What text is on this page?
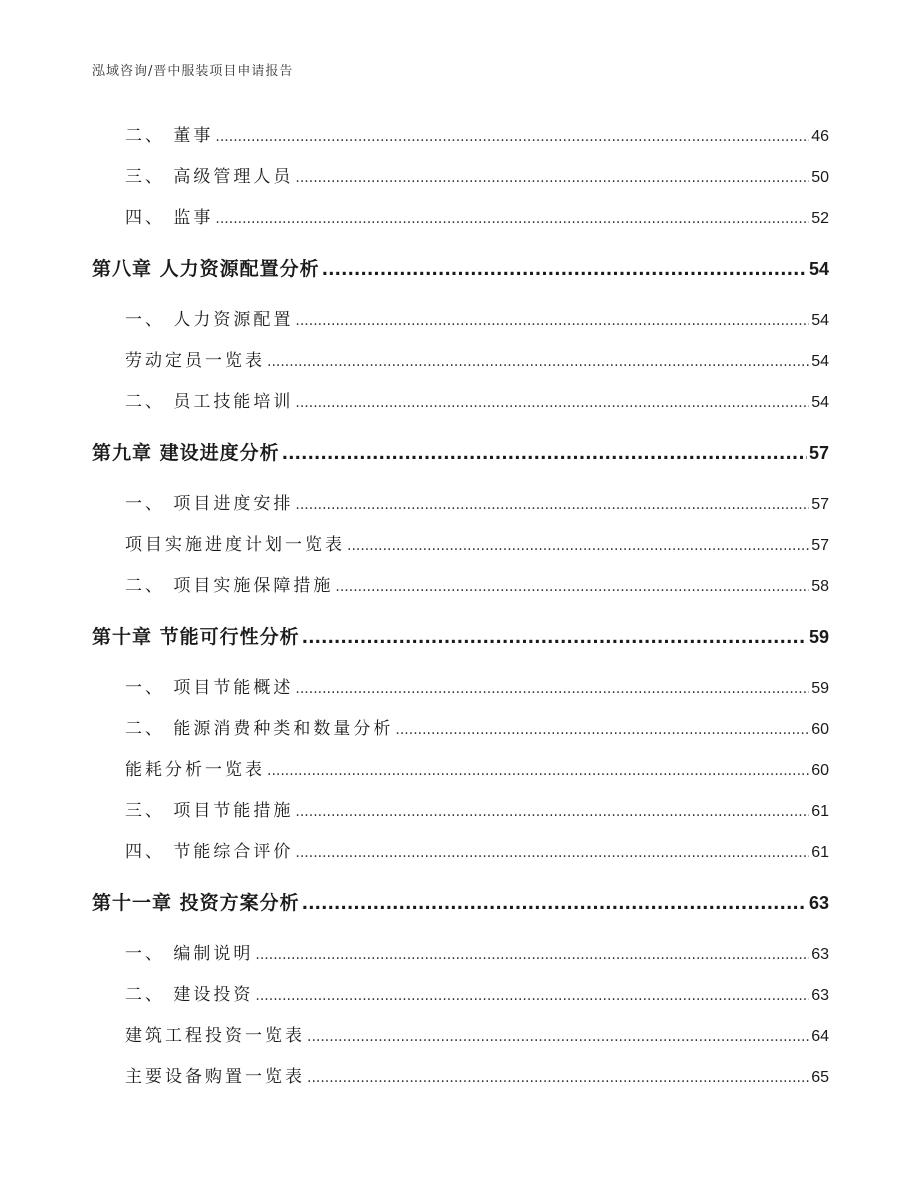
泓域咨询/晋中服装项目申请报告
二、 董事 .....	46
三、 高级管理人员 .....	50
四、 监事 .....	52
第八章 人力资源配置分析 .....	54
一、 人力资源配置 .....	54
劳动定员一览表 .....	54
二、 员工技能培训 .....	54
第九章 建设进度分析 .....	57
一、 项目进度安排 .....	57
项目实施进度计划一览表 .....	57
二、 项目实施保障措施 .....	58
第十章 节能可行性分析 .....	59
一、 项目节能概述 .....	59
二、 能源消费种类和数量分析 .....	60
能耗分析一览表 .....	60
三、 项目节能措施 .....	61
四、 节能综合评价 .....	61
第十一章 投资方案分析 .....	63
一、 编制说明 .....	63
二、 建设投资 .....	63
建筑工程投资一览表 .....	64
主要设备购置一览表 .....	65
